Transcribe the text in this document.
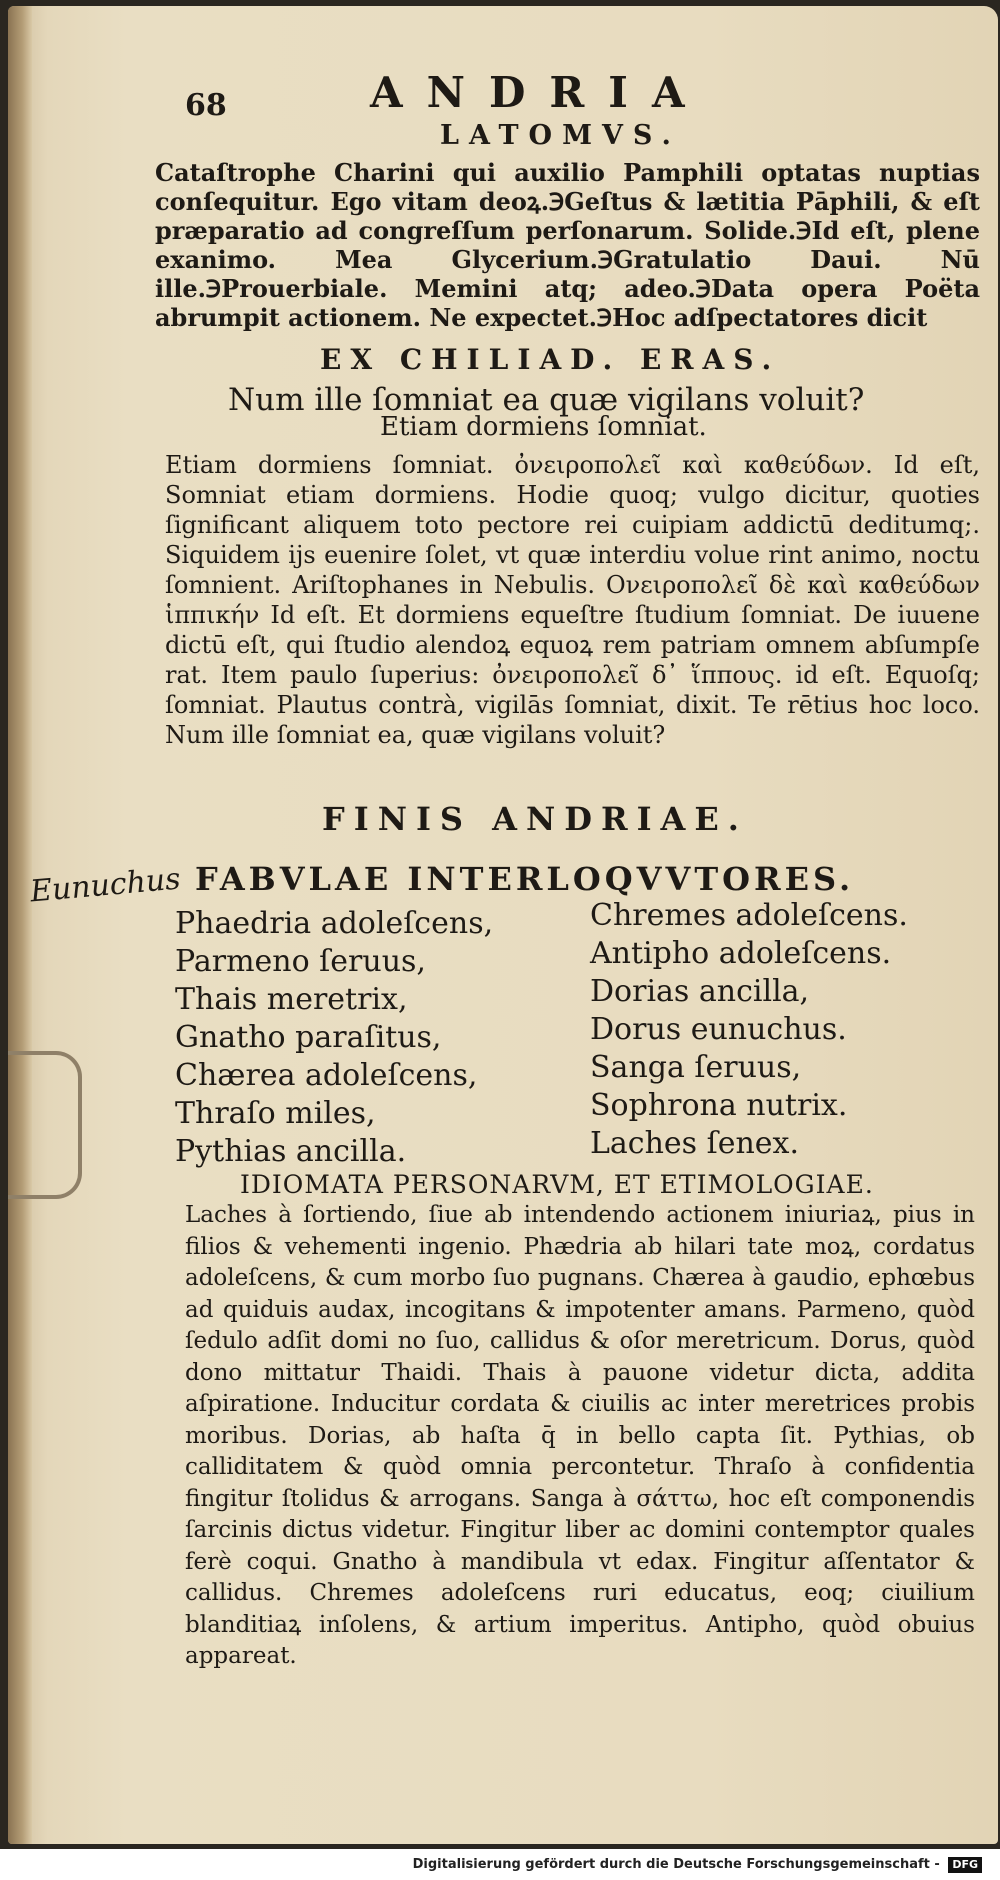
68	ANDRIA
LATOMVS.
Cataſtrophe Charini qui auxilio Pamphili optatas nuptias conſequitur. Ego vitam deoꝝ.℈Geſtus & lætitia Pāphili, & eſt præparatio ad congreſſum perſonarum. Solide.℈Id eſt, plene exanimo. Mea Glycerium.℈Gratulatio Daui. Nū ille.℈Prouerbiale. Memini atq; adeo.℈Data opera Poëta abrumpit actionem. Ne expectet.℈Hoc adſpectatores dicit
EX CHILIAD. ERAS.
Num ille ſomniat ea quæ vigilans voluit?
Etiam dormiens ſomniat.
Etiam dormiens ſomniat. ὀνειροπολεῖ καὶ καθεύδων. Id eſt, Somniat etiam dormiens. Hodie quoq; vulgo dicitur, quoties ſignificant aliquem toto pectore rei cuipiam addictū deditumq;. Siquidem ijs euenire ſolet, vt quæ interdiu volue rint animo, noctu ſomnient. Ariſtophanes in Nebulis. Ονειροπολεῖ δὲ καὶ καθεύδων ἱππικήν Id eſt. Et dormiens equeſtre ſtudium ſomniat. De iuuene dictū eſt, qui ſtudio alendoꝝ equoꝝ rem patriam omnem abſumpſe rat. Item paulo ſuperius: ὀνειροπολεῖ δ᾽ ἵππους. id eſt. Equoſq; ſomniat. Plautus contrà, vigilās ſomniat, dixit. Te rētius hoc loco. Num ille ſomniat ea, quæ vigilans voluit?
FINIS ANDRIAE.
Eunuchus FABVLAE INTERLOQVVTORES.
Phaedria adoleſcens,
Parmeno ſeruus,
Thais meretrix,
Gnatho paraſitus,
Chærea adoleſcens,
Thraſo miles,
Pythias ancilla.
Chremes adoleſcens.
Antipho adoleſcens.
Dorias ancilla,
Dorus eunuchus.
Sanga ſeruus,
Sophrona nutrix.
Laches ſenex.
IDIOMATA PERSONARVM, ET ETIMOLOGIAE.
Laches à ſortiendo, ſiue ab intendendo actionem iniuriaꝝ, pius in filios & vehementi ingenio. Phædria ab hilari tate moꝝ, cordatus adoleſcens, & cum morbo ſuo pugnans. Chærea à gaudio, ephœbus ad quiduis audax, incogitans & impotenter amans. Parmeno, quòd ſedulo adſit domi no ſuo, callidus & oſor meretricum. Dorus, quòd dono mittatur Thaidi. Thais à pauone videtur dicta, addita aſpiratione. Inducitur cordata & ciuilis ac inter meretrices probis moribus. Dorias, ab haſta q̄ in bello capta ſit. Pythias, ob calliditatem & quòd omnia percontetur. Thraſo à confidentia fingitur ſtolidus & arrogans. Sanga à σάττω, hoc eſt componendis ſarcinis dictus videtur. Fingitur liber ac domini contemptor quales ferè coqui. Gnatho à mandibula vt edax. Fingitur aſſentator & callidus. Chremes adoleſcens ruri educatus, eoq; ciuilium blanditiaꝝ inſolens, & artium imperitus. Antipho, quòd obuius appareat.
Digitalisierung gefördert durch die Deutsche Forschungsgemeinschaft - DFG
